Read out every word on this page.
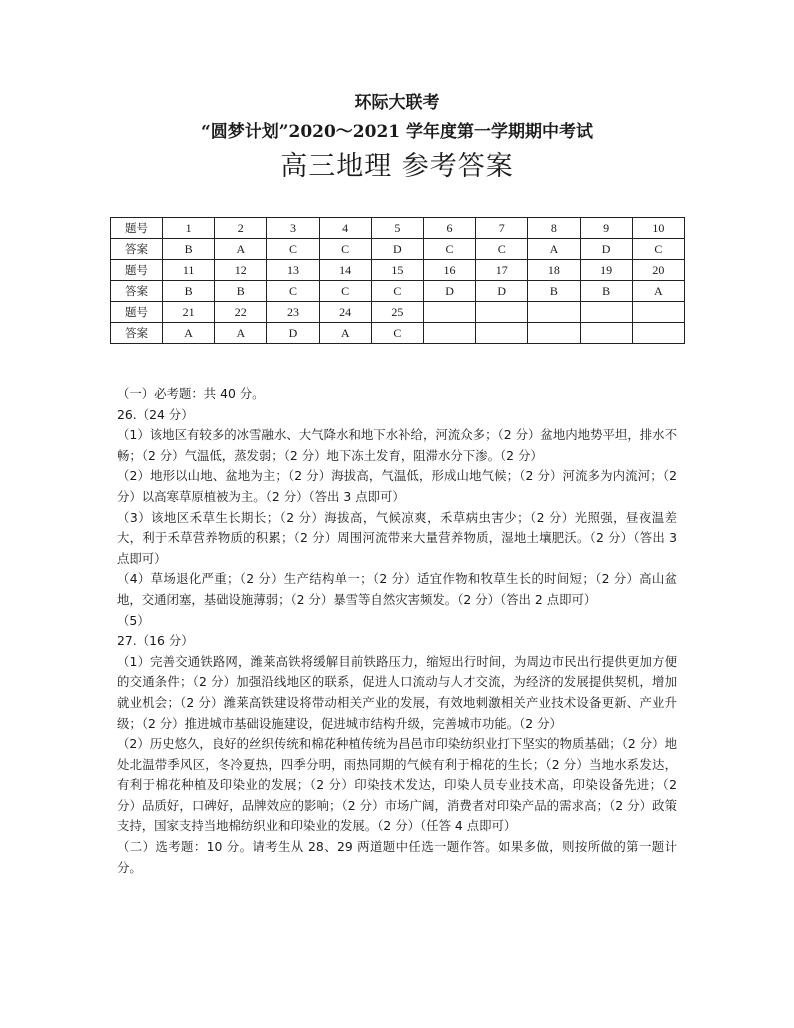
环际大联考
“圆梦计划”2020～2021 学年度第一学期期中考试
高三地理 参考答案
题号	1	2	3	4	5	6	7	8	9	10
答案	B	A	C	C	D	C	C	A	D	C
题号	11	12	13	14	15	16	17	18	19	20
答案	B	B	C	C	C	D	D	B	B	A
题号	21	22	23	24	25					
答案	A	A	D	A	C					

（一）必考题：共 40 分。

26.（24 分）

（1）该地区有较多的冰雪融水、大气降水和地下水补给，河流众多；（2 分）盆地内地势平坦，排水不畅；（2 分）气温低，蒸发弱；（2 分）地下冻土发育，阻滞水分下渗。（2 分）

（2）地形以山地、盆地为主；（2 分）海拔高，气温低，形成山地气候；（2 分）河流多为内流河；（2 分）以高寒草原植被为主。（2 分）（答出 3 点即可）

（3）该地区禾草生长期长；（2 分）海拔高，气候凉爽，禾草病虫害少；（2 分）光照强，昼夜温差大，利于禾草营养物质的积累；（2 分）周围河流带来大量营养物质，湿地土壤肥沃。（2 分）（答出 3 点即可）

（4）草场退化严重；（2 分）生产结构单一；（2 分）适宜作物和牧草生长的时间短；（2 分）高山盆地，交通闭塞，基础设施薄弱；（2 分）暴雪等自然灾害频发。（2 分）（答出 2 点即可）

（5）

27.（16 分）

（1）完善交通铁路网，潍莱高铁将缓解目前铁路压力，缩短出行时间，为周边市民出行提供更加方便的交通条件；（2 分）加强沿线地区的联系，促进人口流动与人才交流，为经济的发展提供契机，增加就业机会；（2 分）潍莱高铁建设将带动相关产业的发展，有效地刺激相关产业技术设备更新、产业升级；（2 分）推进城市基础设施建设，促进城市结构升级，完善城市功能。（2 分）

（2）历史悠久，良好的丝织传统和棉花种植传统为昌邑市印染纺织业打下坚实的物质基础；（2 分）地处北温带季风区，冬冷夏热，四季分明，雨热同期的气候有利于棉花的生长；（2 分）当地水系发达，有利于棉花种植及印染业的发展；（2 分）印染技术发达，印染人员专业技术高，印染设备先进；（2 分）品质好，口碑好，品牌效应的影响；（2 分）市场广阔，消费者对印染产品的需求高；（2 分）政策支持，国家支持当地棉纺织业和印染业的发展。（2 分）（任答 4 点即可）

（二）选考题：10 分。请考生从 28、29 两道题中任选一题作答。如果多做，则按所做的第一题计分。
